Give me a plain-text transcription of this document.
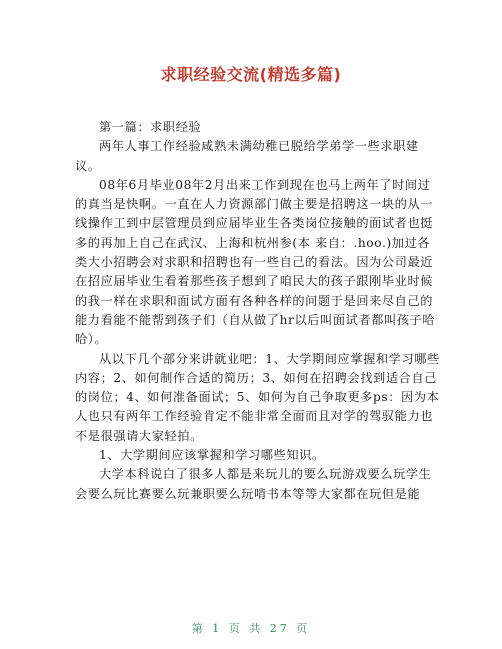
求职经验交流(精选多篇)

第一篇：求职经验

两年人事工作经验咸熟未满幼稚已脱给学弟学一些求职建

议。

08年6月毕业08年2月出来工作到现在也马上两年了时间过

的真当是快啊。一直在人力资源部门做主要是招聘这一块的从一

线操作工到中层管理员到应届毕业生各类岗位接触的面试者也挺

多的再加上自己在武汉、上海和杭州参(本 来自：.hoo.)加过各

类大小招聘会对求职和招聘也有一些自己的看法。因为公司最近

在招应届毕业生看着那些孩子想到了咱民大的孩子跟刚毕业时候

的我一样在求职和面试方面有各种各样的问题于是回来尽自己的

能力看能不能帮到孩子们（自从做了hr以后叫面试者都叫孩子哈

哈）。

从以下几个部分来讲就业吧：1、大学期间应掌握和学习哪些

内容；2、如何制作合适的简历；3、如何在招聘会找到适合自己

的岗位；4、如何准备面试；5、如何为自己争取更多ps：因为本

人也只有两年工作经验肯定不能非常全面而且对学的驾驭能力也

不是很强请大家轻拍。

1、大学期间应该掌握和学习哪些知识。

大学本科说白了很多人都是来玩儿的要么玩游戏要么玩学生

会要么玩比赛要么玩兼职要么玩啃书本等等大家都在玩但是能

第 1 页 共 27 页
